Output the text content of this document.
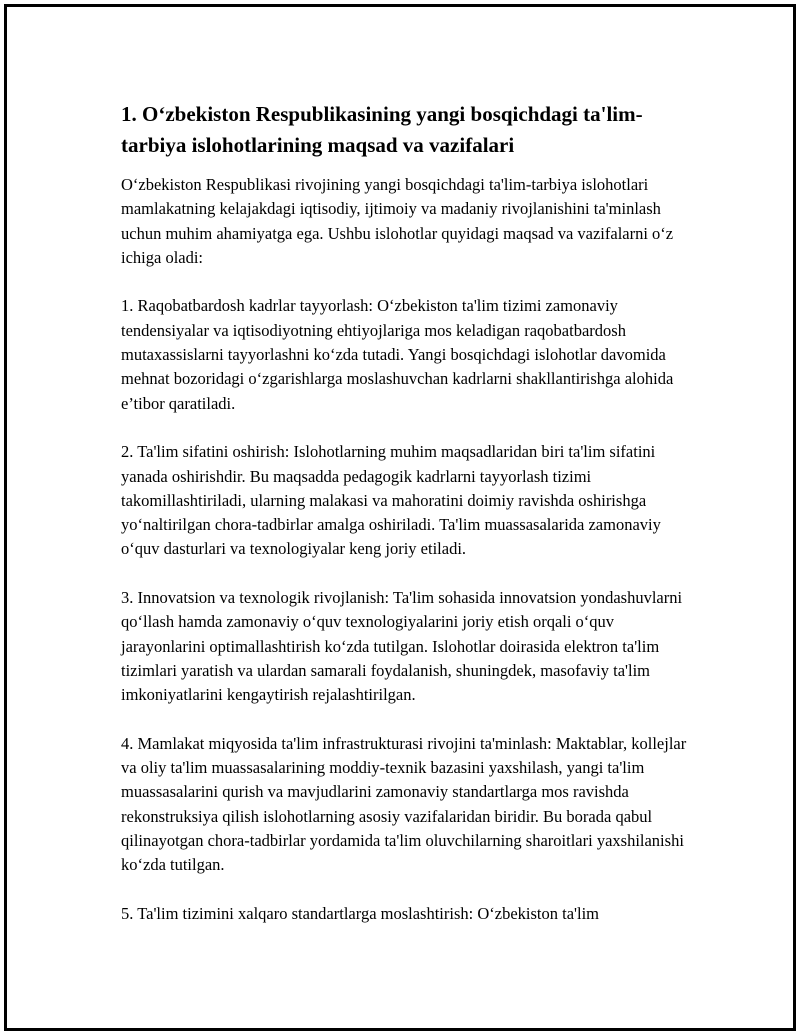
1. O‘zbekiston Respublikasining yangi bosqichdagi ta'lim-tarbiya islohotlarining maqsad va vazifalari

O‘zbekiston Respublikasi rivojining yangi bosqichdagi ta'lim-tarbiya islohotlari mamlakatning kelajakdagi iqtisodiy, ijtimoiy va madaniy rivojlanishini ta'minlash uchun muhim ahamiyatga ega. Ushbu islohotlar quyidagi maqsad va vazifalarni o‘z ichiga oladi:

1. Raqobatbardosh kadrlar tayyorlash: O‘zbekiston ta'lim tizimi zamonaviy tendensiyalar va iqtisodiyotning ehtiyojlariga mos keladigan raqobatbardosh mutaxassislarni tayyorlashni ko‘zda tutadi. Yangi bosqichdagi islohotlar davomida mehnat bozoridagi o‘zgarishlarga moslashuvchan kadrlarni shakllantirishga alohida e’tibor qaratiladi.

2. Ta'lim sifatini oshirish: Islohotlarning muhim maqsadlaridan biri ta'lim sifatini yanada oshirishdir. Bu maqsadda pedagogik kadrlarni tayyorlash tizimi takomillashtiriladi, ularning malakasi va mahoratini doimiy ravishda oshirishga yo‘naltirilgan chora-tadbirlar amalga oshiriladi. Ta'lim muassasalarida zamonaviy o‘quv dasturlari va texnologiyalar keng joriy etiladi.

3. Innovatsion va texnologik rivojlanish: Ta'lim sohasida innovatsion yondashuvlarni qo‘llash hamda zamonaviy o‘quv texnologiyalarini joriy etish orqali o‘quv jarayonlarini optimallashtirish ko‘zda tutilgan. Islohotlar doirasida elektron ta'lim tizimlari yaratish va ulardan samarali foydalanish, shuningdek, masofaviy ta'lim imkoniyatlarini kengaytirish rejalashtirilgan.

4. Mamlakat miqyosida ta'lim infrastrukturasi rivojini ta'minlash: Maktablar, kollejlar va oliy ta'lim muassasalarining moddiy-texnik bazasini yaxshilash, yangi ta'lim muassasalarini qurish va mavjudlarini zamonaviy standartlarga mos ravishda rekonstruksiya qilish islohotlarning asosiy vazifalaridan biridir. Bu borada qabul qilinayotgan chora-tadbirlar yordamida ta'lim oluvchilarning sharoitlari yaxshilanishi ko‘zda tutilgan.

5. Ta'lim tizimini xalqaro standartlarga moslashtirish: O‘zbekiston ta'lim
